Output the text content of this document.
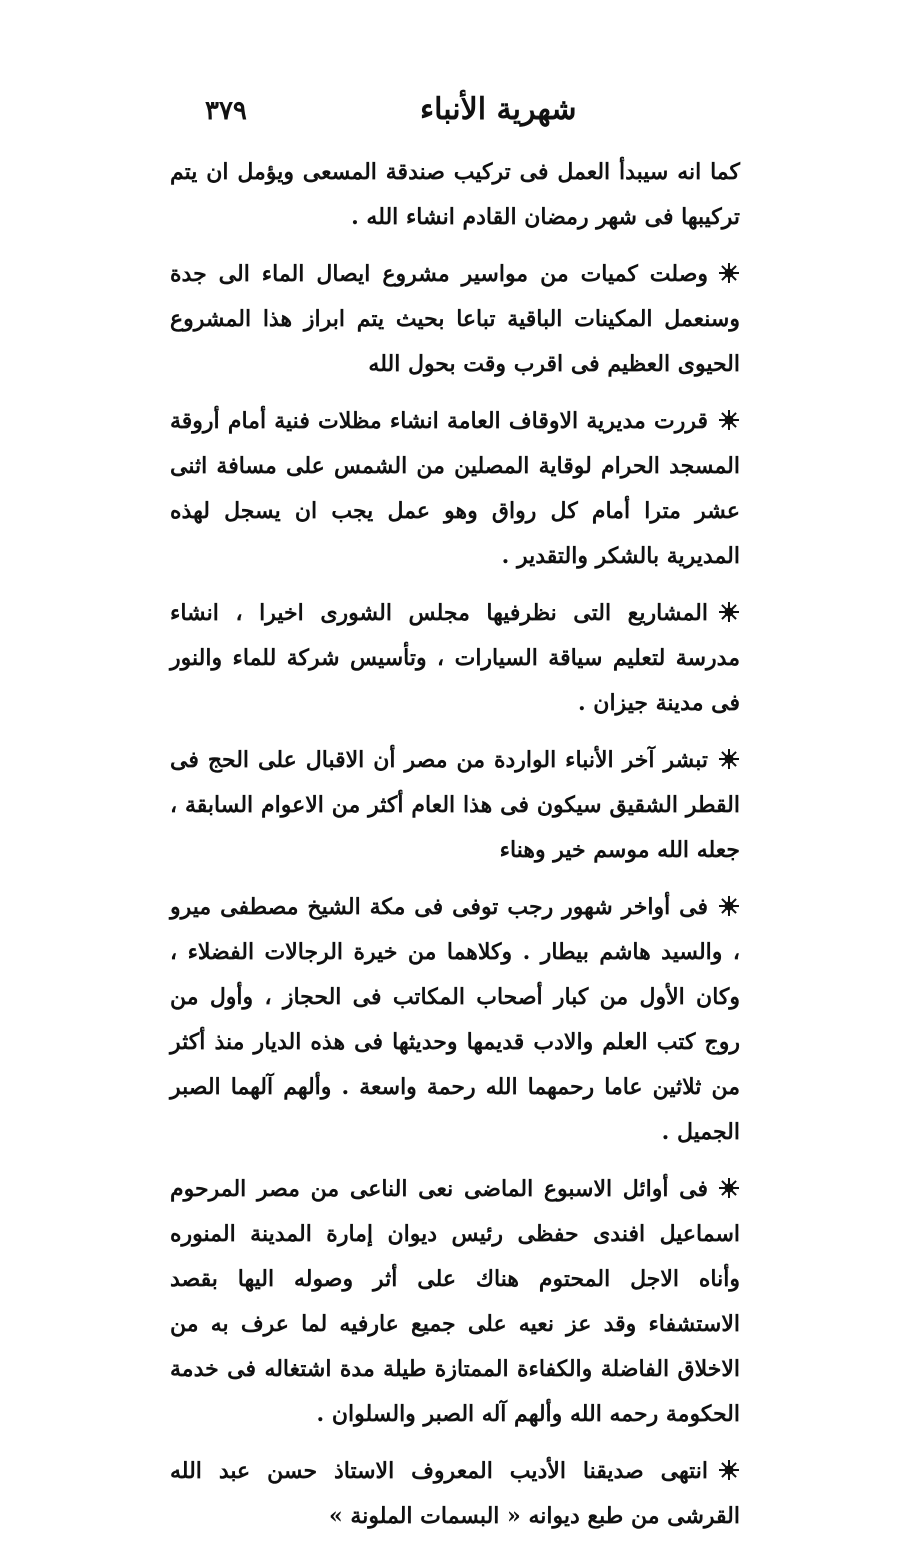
٣٧٩	شهرية الأنباء

كما انه سيبدأ العمل فى تركيب صندقة المسعى ويؤمل ان يتم تركيبها فى شهر رمضان القادم انشاء الله .

وصلت كميات من مواسير مشروع ايصال الماء الى جدة وسنعمل المكينات الباقية تباعا بحيث يتم ابراز هذا المشروع الحيوى العظيم فى اقرب وقت بحول الله

قررت مديرية الاوقاف العامة انشاء مظلات فنية أمام أروقة المسجد الحرام لوقاية المصلين من الشمس على مسافة اثنى عشر مترا أمام كل رواق وهو عمل يجب ان يسجل لهذه المديرية بالشكر والتقدير .

المشاريع التى نظرفيها مجلس الشورى اخيرا ، انشاء مدرسة لتعليم سياقة السيارات ، وتأسيس شركة للماء والنور فى مدينة جيزان .

تبشر آخر الأنباء الواردة من مصر أن الاقبال على الحج فى القطر الشقيق سيكون فى هذا العام أكثر من الاعوام السابقة ، جعله الله موسم خير وهناء

فى أواخر شهور رجب توفى فى مكة الشيخ مصطفى ميرو ، والسيد هاشم بيطار . وكلاهما من خيرة الرجالات الفضلاء ، وكان الأول من كبار أصحاب المكاتب فى الحجاز ، وأول من روج كتب العلم والادب قديمها وحديثها فى هذه الديار منذ أكثر من ثلاثين عاما رحمهما الله رحمة واسعة . وألهم آلهما الصبر الجميل .

فى أوائل الاسبوع الماضى نعى الناعى من مصر المرحوم اسماعيل افندى حفظى رئيس ديوان إمارة المدينة المنوره وأناه الاجل المحتوم هناك على أثر وصوله اليها بقصد الاستشفاء وقد عز نعيه على جميع عارفيه لما عرف به من الاخلاق الفاضلة والكفاءة الممتازة طيلة مدة اشتغاله فى خدمة الحكومة رحمه الله وألهم آله الصبر والسلوان .

انتهى صديقنا الأديب المعروف الاستاذ حسن عبد الله القرشى من طبع ديوانه « البسمات الملونة »
